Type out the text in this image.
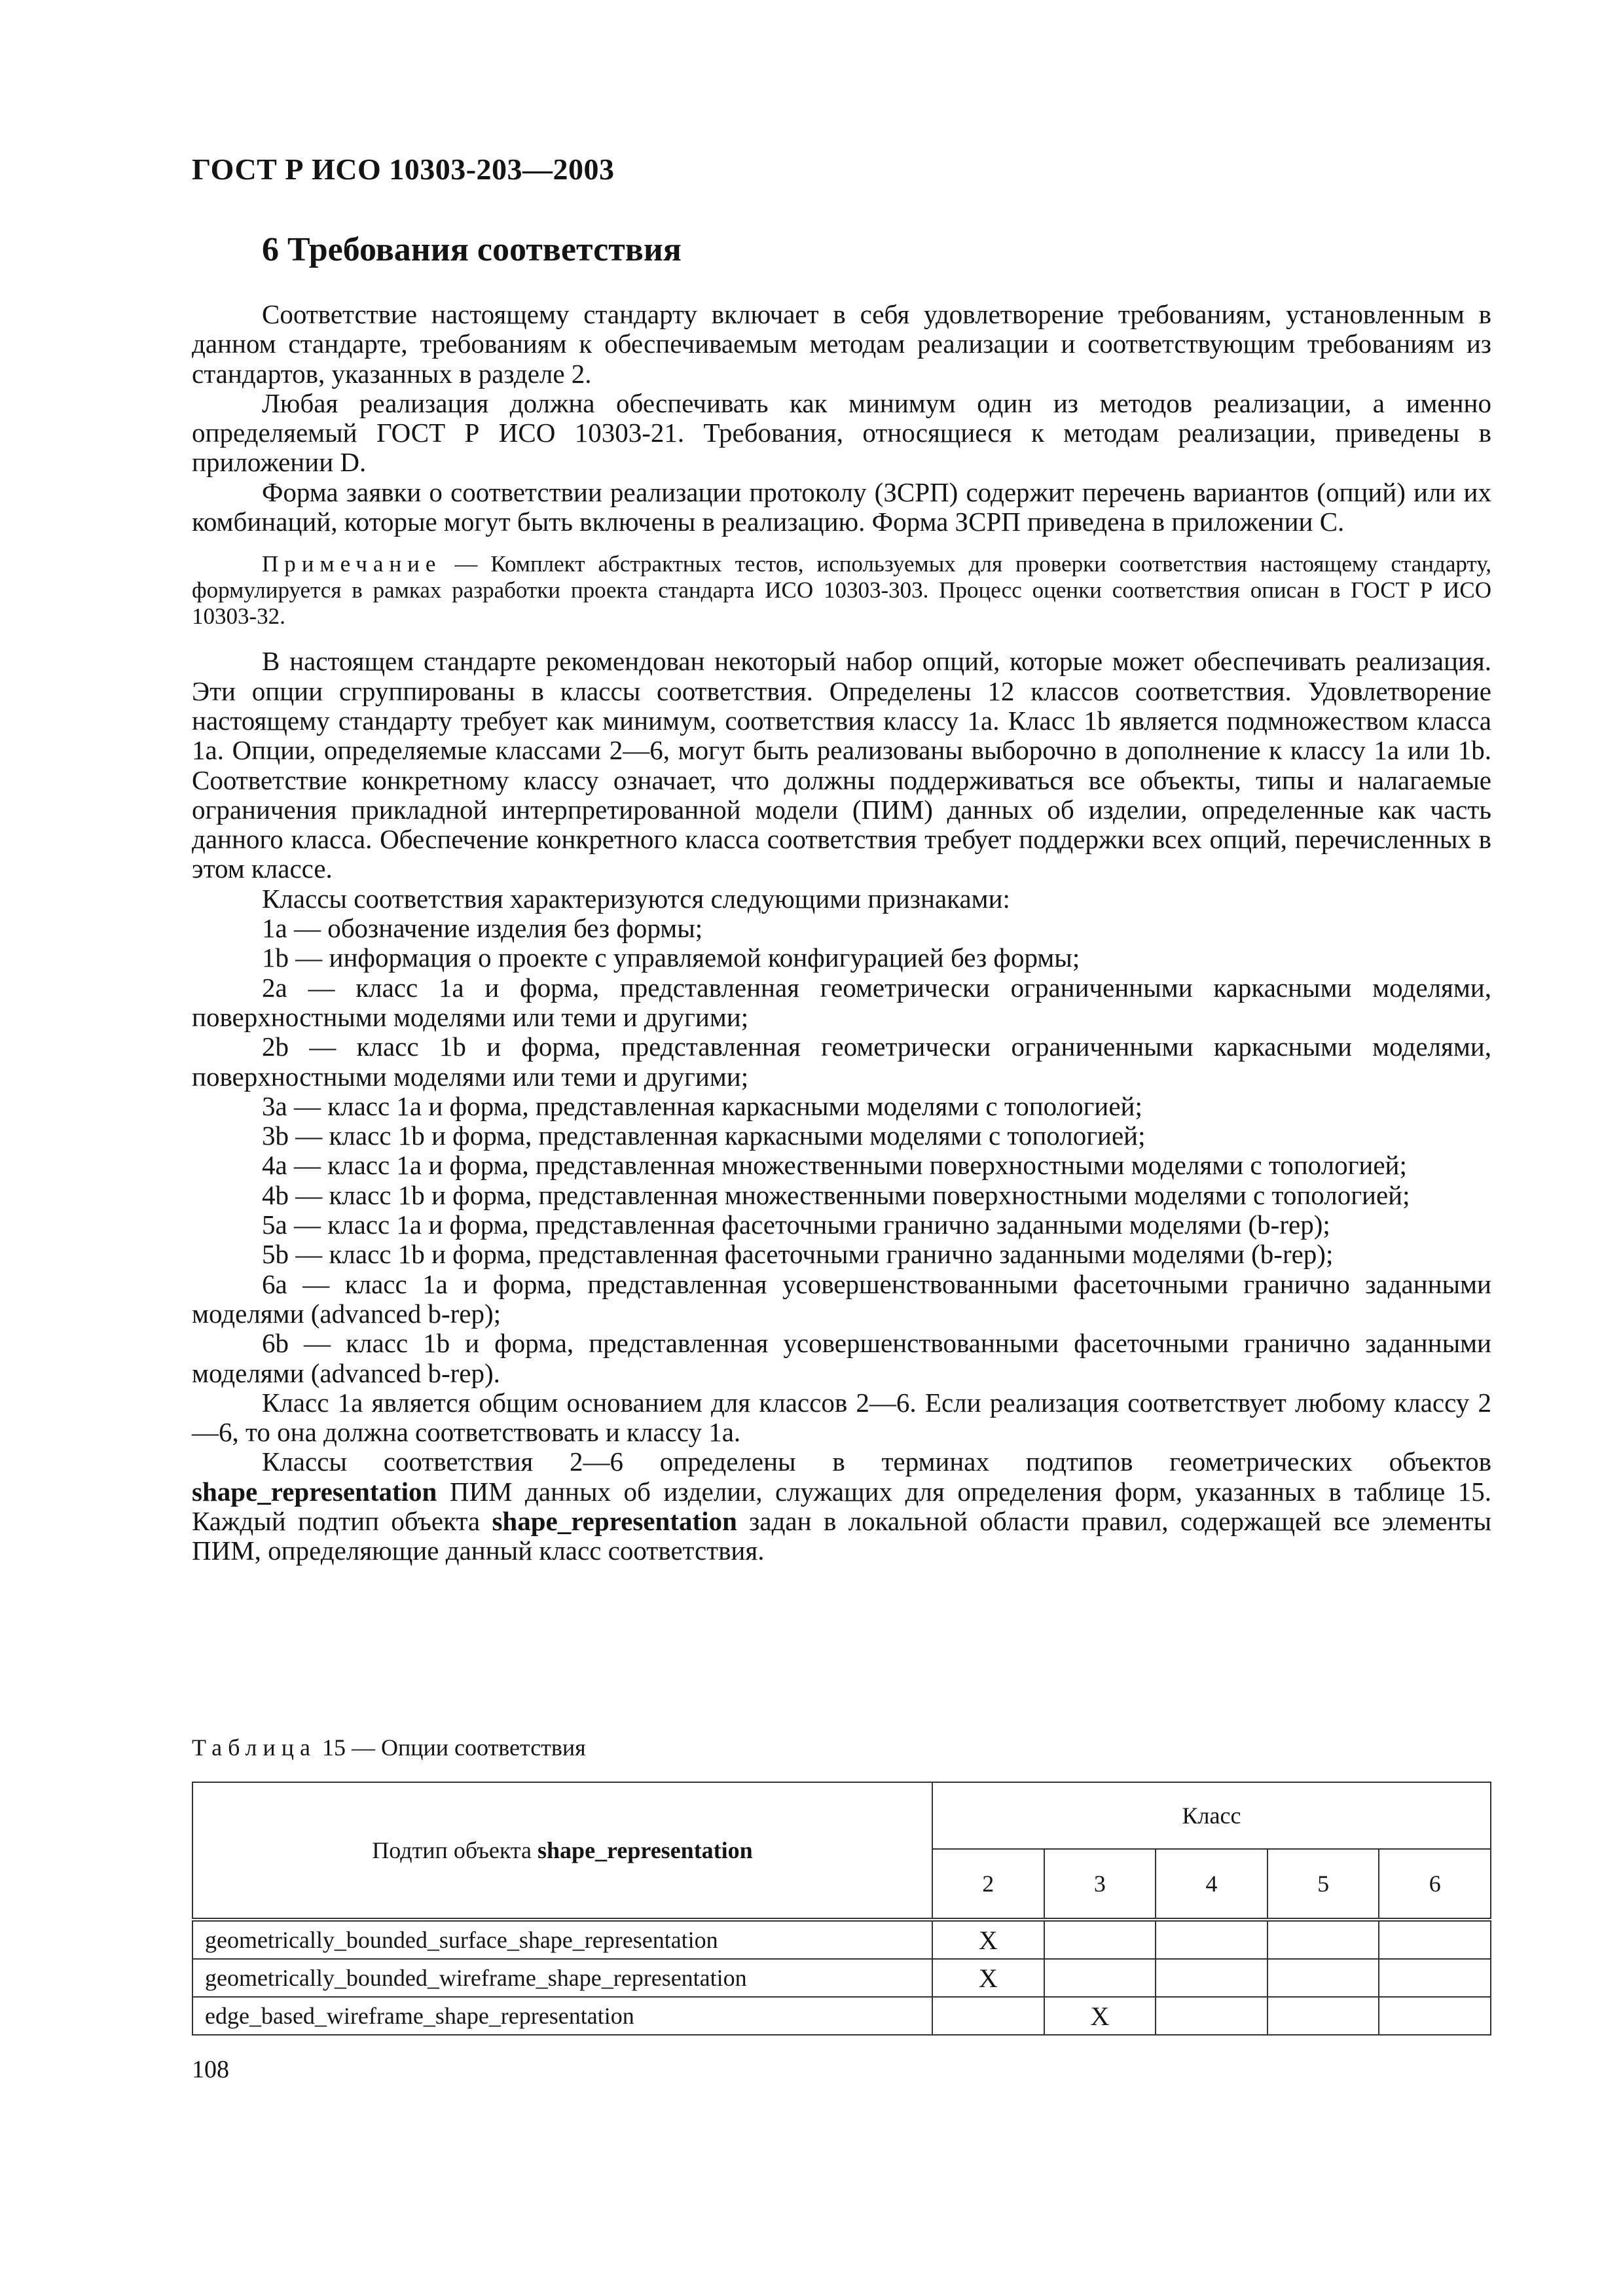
ГОСТ Р ИСО 10303-203—2003
6 Требования соответствия

Соответствие настоящему стандарту включает в себя удовлетворение требованиям, установленным в данном стандарте, требованиям к обеспечиваемым методам реализации и соответствующим требованиям из стандартов, указанных в разделе 2.

Любая реализация должна обеспечивать как минимум один из методов реализации, а именно определяемый ГОСТ Р ИСО 10303-21. Требования, относящиеся к методам реализации, приведены в приложении D.

Форма заявки о соответствии реализации протоколу (ЗСРП) содержит перечень вариантов (опций) или их комбинаций, которые могут быть включены в реализацию. Форма ЗСРП приведена в приложении C.

Примечание — Комплект абстрактных тестов, используемых для проверки соответствия настоящему стандарту, формулируется в рамках разработки проекта стандарта ИСО 10303-303. Процесс оценки соответствия описан в ГОСТ Р ИСО 10303-32.

В настоящем стандарте рекомендован некоторый набор опций, которые может обеспечивать реализация. Эти опции сгруппированы в классы соответствия. Определены 12 классов соответствия. Удовлетворение настоящему стандарту требует как минимум, соответствия классу 1a. Класс 1b является подмножеством класса 1a. Опции, определяемые классами 2—6, могут быть реализованы выборочно в дополнение к классу 1a или 1b. Соответствие конкретному классу означает, что должны поддерживаться все объекты, типы и налагаемые ограничения прикладной интерпретированной модели (ПИМ) данных об изделии, определенные как часть данного класса. Обеспечение конкретного класса соответствия требует поддержки всех опций, перечисленных в этом классе.

Классы соответствия характеризуются следующими признаками:

1a — обозначение изделия без формы;

1b — информация о проекте с управляемой конфигурацией без формы;

2a — класс 1a и форма, представленная геометрически ограниченными каркасными моделями, поверхностными моделями или теми и другими;

2b — класс 1b и форма, представленная геометрически ограниченными каркасными моделями, поверхностными моделями или теми и другими;

3a — класс 1a и форма, представленная каркасными моделями с топологией;

3b — класс 1b и форма, представленная каркасными моделями с топологией;

4a — класс 1a и форма, представленная множественными поверхностными моделями с топологией;

4b — класс 1b и форма, представленная множественными поверхностными моделями с топологией;

5a — класс 1a и форма, представленная фасеточными гранично заданными моделями (b-rep);

5b — класс 1b и форма, представленная фасеточными гранично заданными моделями (b-rep);

6a — класс 1a и форма, представленная усовершенствованными фасеточными гранично заданными моделями (advanced b-rep);

6b — класс 1b и форма, представленная усовершенствованными фасеточными гранично заданными моделями (advanced b-rep).

Класс 1a является общим основанием для классов 2—6. Если реализация соответствует любому классу 2—6, то она должна соответствовать и классу 1a.

Классы соответствия 2—6 определены в терминах подтипов геометрических объектов shape_representation ПИМ данных об изделии, служащих для определения форм, указанных в таблице 15. Каждый подтип объекта shape_representation задан в локальной области правил, содержащей все элементы ПИМ, определяющие данный класс соответствия.

Таблица 15 — Опции соответствия
Подтип объекта shape_representation	Класс				
	2	3	4	5	6
geometrically_bounded_surface_shape_representation	X				
geometrically_bounded_wireframe_shape_representation	X				
edge_based_wireframe_shape_representation		X			
108
